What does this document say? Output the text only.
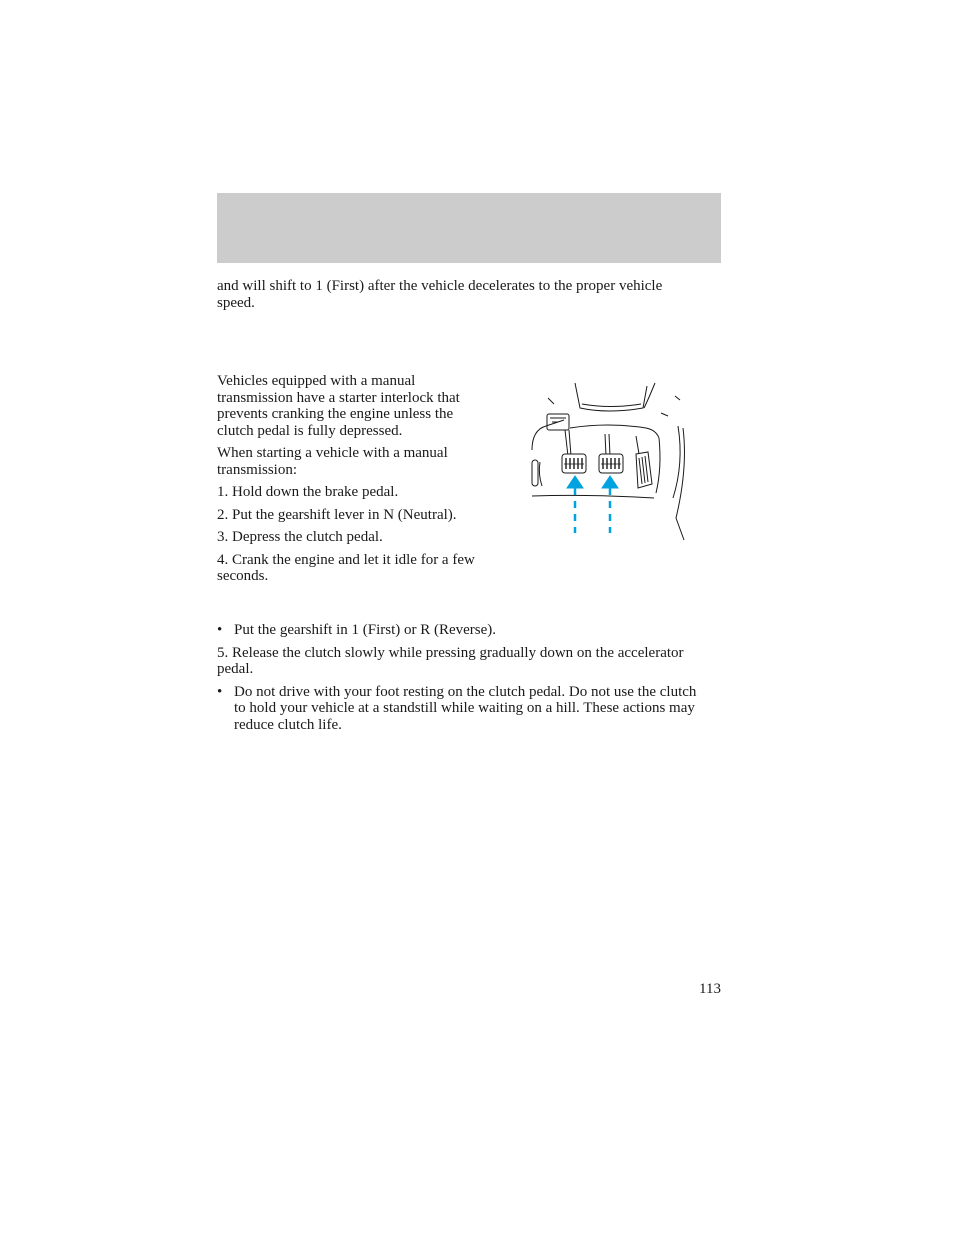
and will shift to 1 (First) after the vehicle decelerates to the proper vehicle speed.

Vehicles equipped with a manual transmission have a starter interlock that prevents cranking the engine unless the clutch pedal is fully depressed.

When starting a vehicle with a manual transmission:

1. Hold down the brake pedal.

2. Put the gearshift lever in N (Neutral).

3. Depress the clutch pedal.

4. Crank the engine and let it idle for a few seconds.

• Put the gearshift in 1 (First) or R (Reverse).

5. Release the clutch slowly while pressing gradually down on the accelerator pedal.

• Do not drive with your foot resting on the clutch pedal. Do not use the clutch to hold your vehicle at a standstill while waiting on a hill. These actions may reduce clutch life.
113
